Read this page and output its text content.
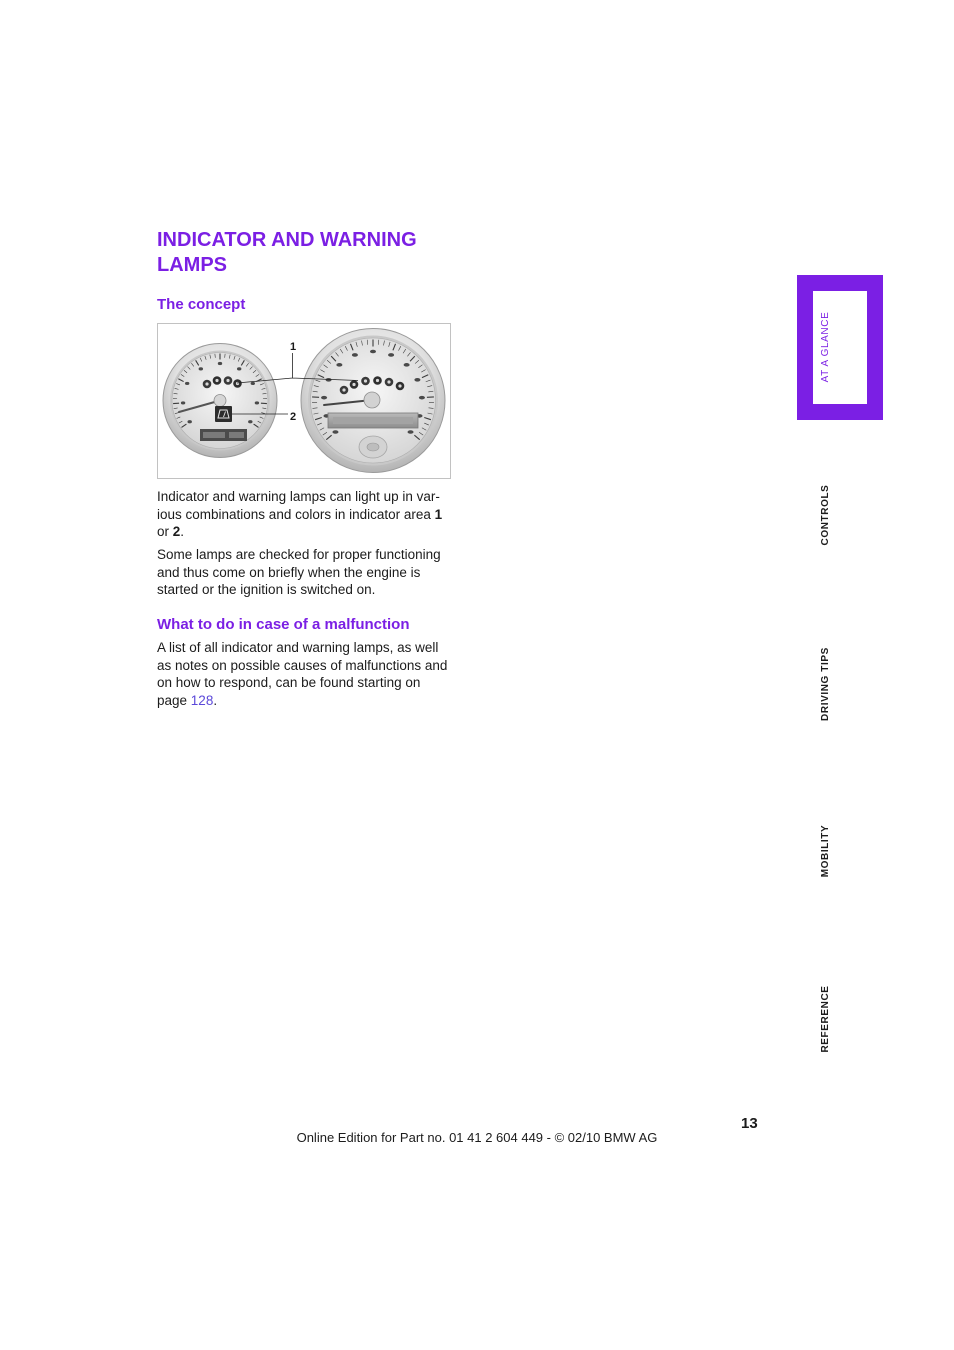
INDICATOR AND WARNING
LAMPS
The concept
1
2
Indicator and warning lamps can light up in var-
ious combinations and colors in indicator area 1
or 2.
Some lamps are checked for proper functioning
and thus come on briefly when the engine is
started or the ignition is switched on.
What to do in case of a malfunction
A list of all indicator and warning lamps, as well
as notes on possible causes of malfunctions and
on how to respond, can be found starting on
page 128.
AT A GLANCE
CONTROLS
DRIVING TIPS
MOBILITY
REFERENCE
13
Online Edition for Part no. 01 41 2 604 449 - © 02/10 BMW AG
